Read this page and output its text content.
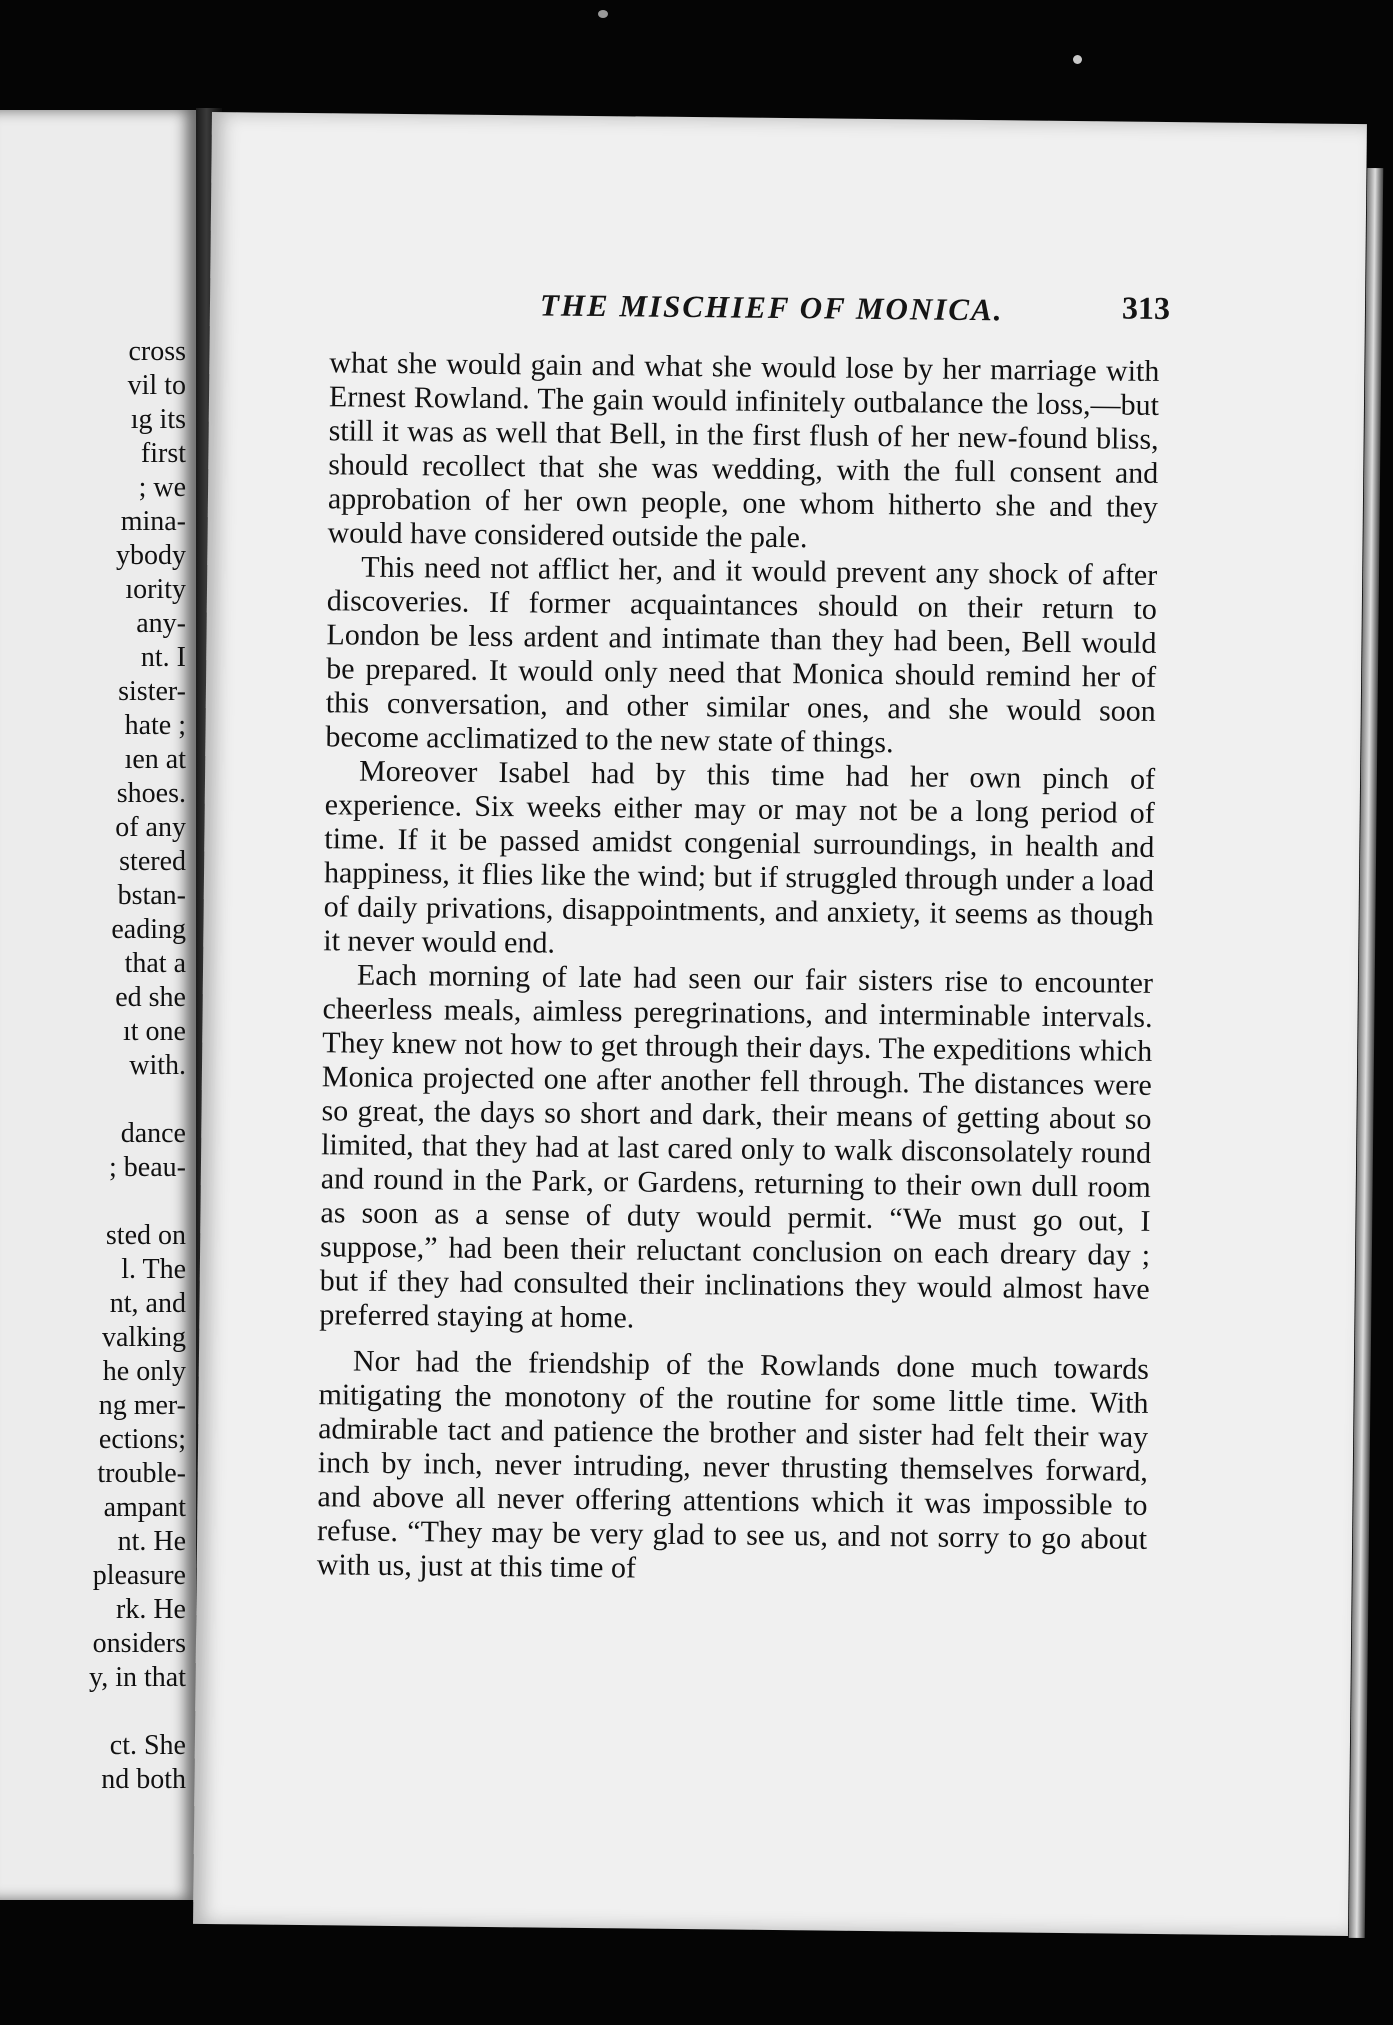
cross
vil to
ıg its
first
; we
mina-
ybody
ıority
any-
nt. I
sister-
hate ;
ıen at
shoes.
of any
stered
bstan-
eading
that a
ed she
ıt one
with.
dance
; beau-
sted on
l. The
nt, and
valking
he only
ng mer-
ections;
trouble-
ampant
nt. He
pleasure
rk. He
onsiders
y, in that
ct. She
nd both
THE MISCHIEF OF MONICA.	313

what she would gain and what she would lose by her marriage with Ernest Rowland. The gain would infinitely outbalance the loss,—but still it was as well that Bell, in the first flush of her new-found bliss, should recollect that she was wedding, with the full consent and approbation of her own people, one whom hitherto she and they would have considered outside the pale.

This need not afflict her, and it would prevent any shock of after discoveries. If former acquaintances should on their return to London be less ardent and intimate than they had been, Bell would be prepared. It would only need that Monica should remind her of this conversation, and other similar ones, and she would soon become acclimatized to the new state of things.

Moreover Isabel had by this time had her own pinch of experience. Six weeks either may or may not be a long period of time. If it be passed amidst congenial surroundings, in health and happiness, it flies like the wind; but if struggled through under a load of daily privations, disappointments, and anxiety, it seems as though it never would end.

Each morning of late had seen our fair sisters rise to encounter cheerless meals, aimless peregrinations, and interminable intervals. They knew not how to get through their days. The expeditions which Monica projected one after another fell through. The distances were so great, the days so short and dark, their means of getting about so limited, that they had at last cared only to walk disconsolately round and round in the Park, or Gardens, returning to their own dull room as soon as a sense of duty would permit. “We must go out, I suppose,” had been their reluctant conclusion on each dreary day ; but if they had consulted their inclinations they would almost have preferred staying at home.

Nor had the friendship of the Rowlands done much towards mitigating the monotony of the routine for some little time. With admirable tact and patience the brother and sister had felt their way inch by inch, never intruding, never thrusting themselves forward, and above all never offering attentions which it was impossible to refuse. “They may be very glad to see us, and not sorry to go about with us, just at this time of
